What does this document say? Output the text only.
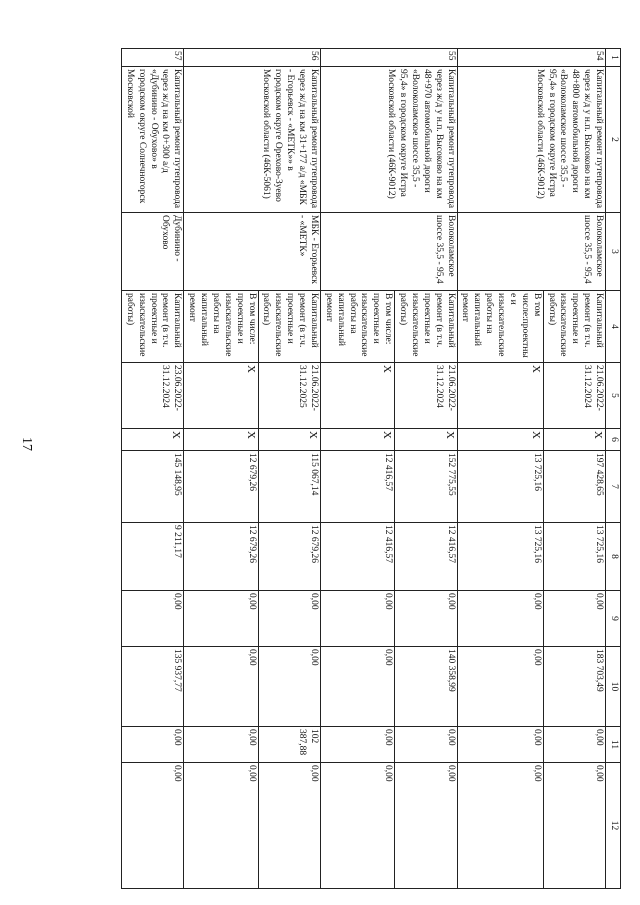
17
1	2	3	4	5	6	7	8	9	10	11	12
54	Капитальный ремонт путепровода через ж/д у н.п. Высоково на км 48+800 автомобильной дороги «Волоколамское шоссе 35,5 - 95,4» в городском округе Истра Московской области (46К-9012)	Волоколамское шоссе 35,5 - 95,4	Капитальный ремонт (в т.ч. проектные и изыскательские работы)	21.06.2022-31.12.2024	X	197 428,65	13 725,16	0,00	183 703,49	0,00	0,00
			В том числе:проектные и изыскательские работы на капитальный ремонт	X	X	13 725,16	13 725,16	0,00	0,00	0,00	0,00
55	Капитальный ремонт путепровода через ж/д у н.п. Высоково на км 48+970 автомобильной дороги «Волоколамское шоссе 35,5 - 95,4» в городском округе Истра Московской области (46К-9012)	Волоколамское шоссе 35,5 - 95,4	Капитальный ремонт (в т.ч. проектные и изыскательские работы)	21.06.2022-31.12.2024	X	152 775,55	12 416,57	0,00	140 358,99	0,00	0,00
			В том числе: проектные и изыскательские работы на капитальный ремонт	X	X	12 416,57	12 416,57	0,00	0,00	0,00	0,00
56	Капитальный ремонт путепровода через ж/д на км 31+177 а/д «МБК - Егорьевск - «МЕТК»» в городском округе Орехово-Зуево Московской области (46К-5061)	МБК - Егорьевск - «МЕТК»	Капитальный ремонт (в т.ч. проектные и изыскательские работы)	21.06.2022-31.12.2025	X	115 067,14	12 679,26	0,00	0,00	102 387,88	0,00
			В том числе: проектные и изыскательские работы на капитальный ремонт	X	X	12 679,26	12 679,26	0,00	0,00	0,00	0,00
57	Капитальный ремонт путепровода через ж/д на км 0+300 а/д «Дубинино - Обухово» в городском округе Солнечногорск Московской	Дубинино - Обухово	Капитальный ремонт (в т.ч. проектные и изыскательские работы)	23.06.2022-31.12.2024	X	145 148,95	9 211,17	0,00	135 937,77	0,00	0,00
